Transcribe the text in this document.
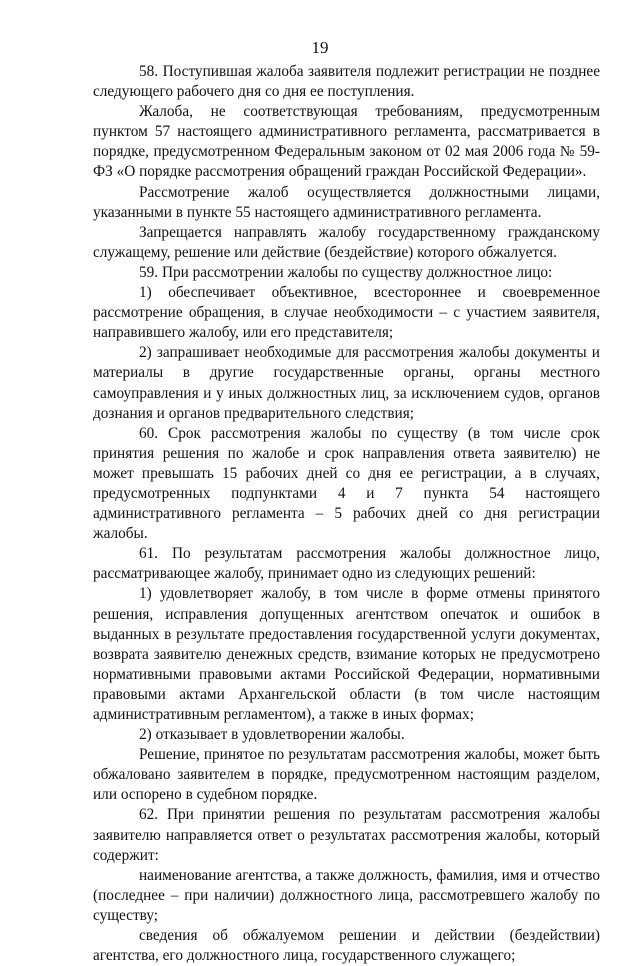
19

58. Поступившая жалоба заявителя подлежит регистрации не позднее следующего рабочего дня со дня ее поступления.

Жалоба, не соответствующая требованиям, предусмотренным пунктом 57 настоящего административного регламента, рассматривается в порядке, предусмотренном Федеральным законом от 02 мая 2006 года № 59-ФЗ «О порядке рассмотрения обращений граждан Российской Федерации».

Рассмотрение жалоб осуществляется должностными лицами, указанными в пункте 55 настоящего административного регламента.

Запрещается направлять жалобу государственному гражданскому служащему, решение или действие (бездействие) которого обжалуется.

59. При рассмотрении жалобы по существу должностное лицо:

1) обеспечивает объективное, всестороннее и своевременное рассмотрение обращения, в случае необходимости – с участием заявителя, направившего жалобу, или его представителя;

2) запрашивает необходимые для рассмотрения жалобы документы и материалы в другие государственные органы, органы местного самоуправления и у иных должностных лиц, за исключением судов, органов дознания и органов предварительного следствия;

60. Срок рассмотрения жалобы по существу (в том числе срок принятия решения по жалобе и срок направления ответа заявителю) не может превышать 15 рабочих дней со дня ее регистрации, а в случаях, предусмотренных подпунктами 4 и 7 пункта 54 настоящего административного регламента – 5 рабочих дней со дня регистрации жалобы.

61. По результатам рассмотрения жалобы должностное лицо, рассматривающее жалобу, принимает одно из следующих решений:

1) удовлетворяет жалобу, в том числе в форме отмены принятого решения, исправления допущенных агентством опечаток и ошибок в выданных в результате предоставления государственной услуги документах, возврата заявителю денежных средств, взимание которых не предусмотрено нормативными правовыми актами Российской Федерации, нормативными правовыми актами Архангельской области (в том числе настоящим административным регламентом), а также в иных формах;

2) отказывает в удовлетворении жалобы.

Решение, принятое по результатам рассмотрения жалобы, может быть обжаловано заявителем в порядке, предусмотренном настоящим разделом, или оспорено в судебном порядке.

62. При принятии решения по результатам рассмотрения жалобы заявителю направляется ответ о результатах рассмотрения жалобы, который содержит:

наименование агентства, а также должность, фамилия, имя и отчество (последнее – при наличии) должностного лица, рассмотревшего жалобу по существу;

сведения об обжалуемом решении и действии (бездействии) агентства, его должностного лица, государственного служащего;
